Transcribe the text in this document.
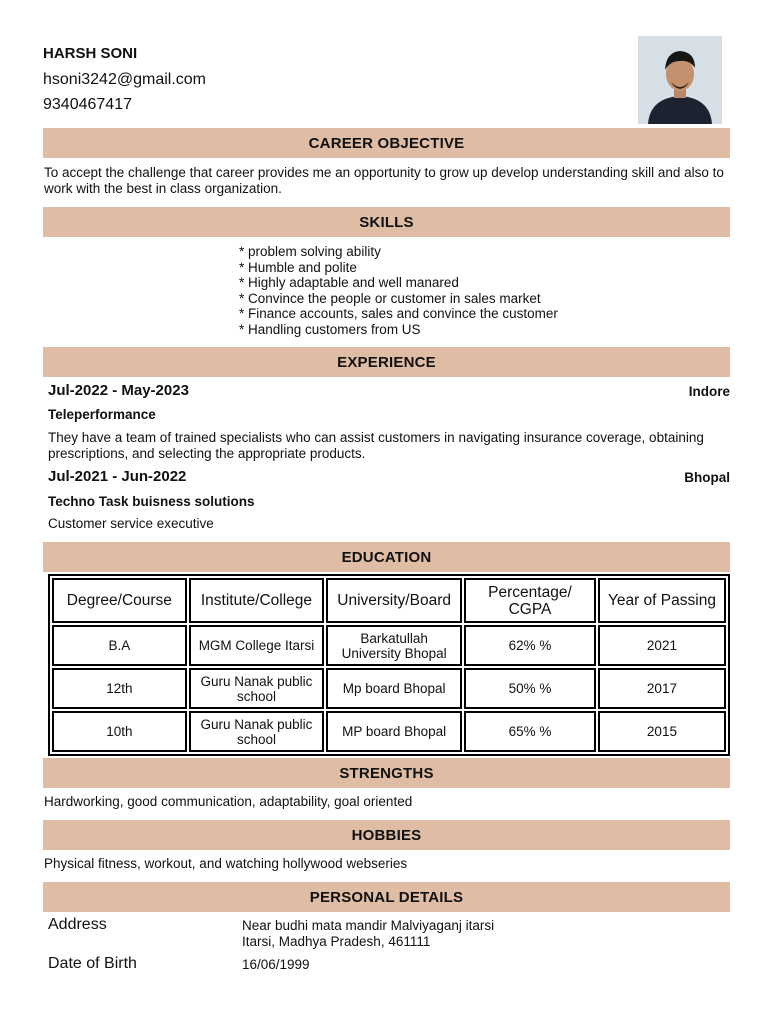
HARSH SONI
hsoni3242@gmail.com
9340467417
CAREER OBJECTIVE
To accept the challenge that career provides me an opportunity to grow up develop understanding skill and also to work with the best in class organization.
SKILLS
* problem solving ability
* Humble and polite
* Highly adaptable and well manared
* Convince the people or customer in sales market
* Finance accounts, sales and convince the customer
* Handling customers from US
EXPERIENCE
Jul-2022 - May-2023	Indore
Teleperformance
They have a team of trained specialists who can assist customers in navigating insurance coverage, obtaining prescriptions, and selecting the appropriate products.
Jul-2021 - Jun-2022	Bhopal
Techno Task buisness solutions
Customer service executive
EDUCATION
Degree/Course	Institute/College	University/Board	Percentage/ CGPA	Year of Passing
B.A	MGM College Itarsi	Barkatullah University Bhopal	62% %	2021
12th	Guru Nanak public school	Mp board Bhopal	50% %	2017
10th	Guru Nanak public school	MP board Bhopal	65% %	2015
STRENGTHS
Hardworking, good communication, adaptability, goal oriented
HOBBIES
Physical fitness, workout, and watching hollywood webseries
PERSONAL DETAILS
Address	Near budhi mata mandir Malviyaganj itarsi
Itarsi, Madhya Pradesh, 461111
Date of Birth	16/06/1999
